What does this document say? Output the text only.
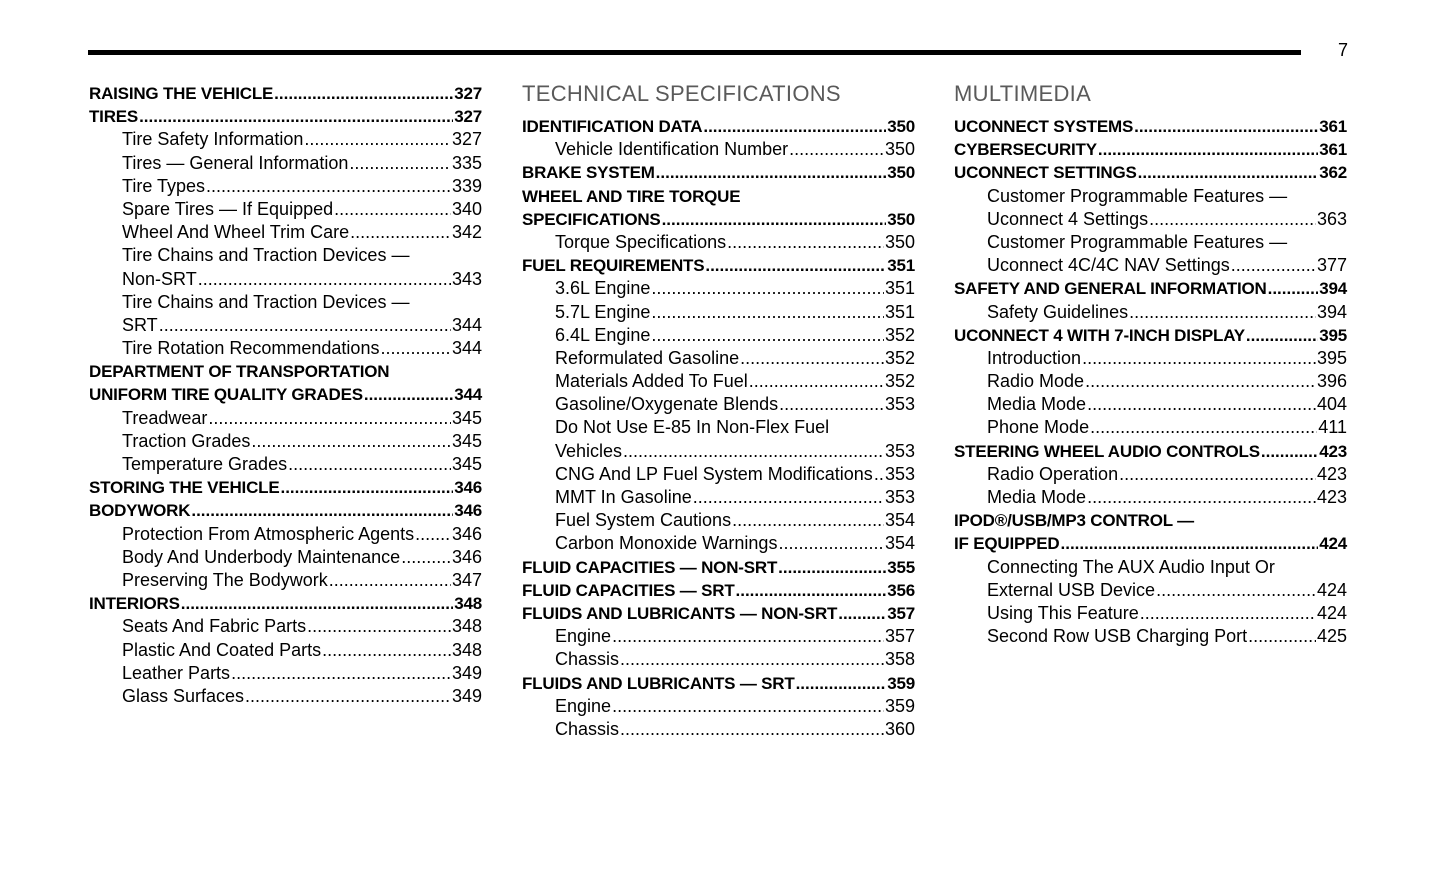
7
RAISING THE VEHICLE .....	327
TIRES .....	327
Tire Safety Information .....	327
Tires — General Information .....	335
Tire Types .....	339
Spare Tires — If Equipped .....	340
Wheel And Wheel Trim Care .....	342
Tire Chains and Traction Devices —
Non-SRT .....	343
Tire Chains and Traction Devices —
SRT .....	344
Tire Rotation Recommendations .....	344
DEPARTMENT OF TRANSPORTATION
UNIFORM TIRE QUALITY GRADES .....	344
Treadwear .....	345
Traction Grades .....	345
Temperature Grades .....	345
STORING THE VEHICLE .....	346
BODYWORK .....	346
Protection From Atmospheric Agents ..... 346
Body And Underbody Maintenance .....	346
Preserving The Bodywork .....	347
INTERIORS .....	348
Seats And Fabric Parts .....	348
Plastic And Coated Parts .....	348
Leather Parts .....	349
Glass Surfaces .....	349
TECHNICAL SPECIFICATIONS
IDENTIFICATION DATA .....	350
Vehicle Identification Number .....	350
BRAKE SYSTEM .....	350
WHEEL AND TIRE TORQUE
SPECIFICATIONS .....	350
Torque Specifications .....	350
FUEL REQUIREMENTS .....	351
3.6L Engine .....	351
5.7L Engine .....	351
6.4L Engine .....	352
Reformulated Gasoline .....	352
Materials Added To Fuel .....	352
Gasoline/Oxygenate Blends .....	353
Do Not Use E-85 In Non-Flex Fuel
Vehicles .....	353
CNG And LP Fuel System Modifications ..... 353
MMT In Gasoline .....	353
Fuel System Cautions .....	354
Carbon Monoxide Warnings .....	354
FLUID CAPACITIES — NON-SRT .....	355
FLUID CAPACITIES — SRT .....	356
FLUIDS AND LUBRICANTS — NON-SRT .....	357
Engine .....	357
Chassis .....	358
FLUIDS AND LUBRICANTS — SRT .....	359
Engine .....	359
Chassis .....	360
MULTIMEDIA
UCONNECT SYSTEMS .....	361
CYBERSECURITY .....	361
UCONNECT SETTINGS .....	362
Customer Programmable Features —
Uconnect 4 Settings .....	363
Customer Programmable Features —
Uconnect 4C/4C NAV Settings .....	377
SAFETY AND GENERAL INFORMATION .....	394
Safety Guidelines .....	394
UCONNECT 4 WITH 7-INCH DISPLAY .....	395
Introduction .....	395
Radio Mode .....	396
Media Mode .....	404
Phone Mode .....	411
STEERING WHEEL AUDIO CONTROLS .....	423
Radio Operation .....	423
Media Mode .....	423
IPOD®/USB/MP3 CONTROL —
IF EQUIPPED .....	424
Connecting The AUX Audio Input Or
External USB Device .....	424
Using This Feature .....	424
Second Row USB Charging Port .....	425
